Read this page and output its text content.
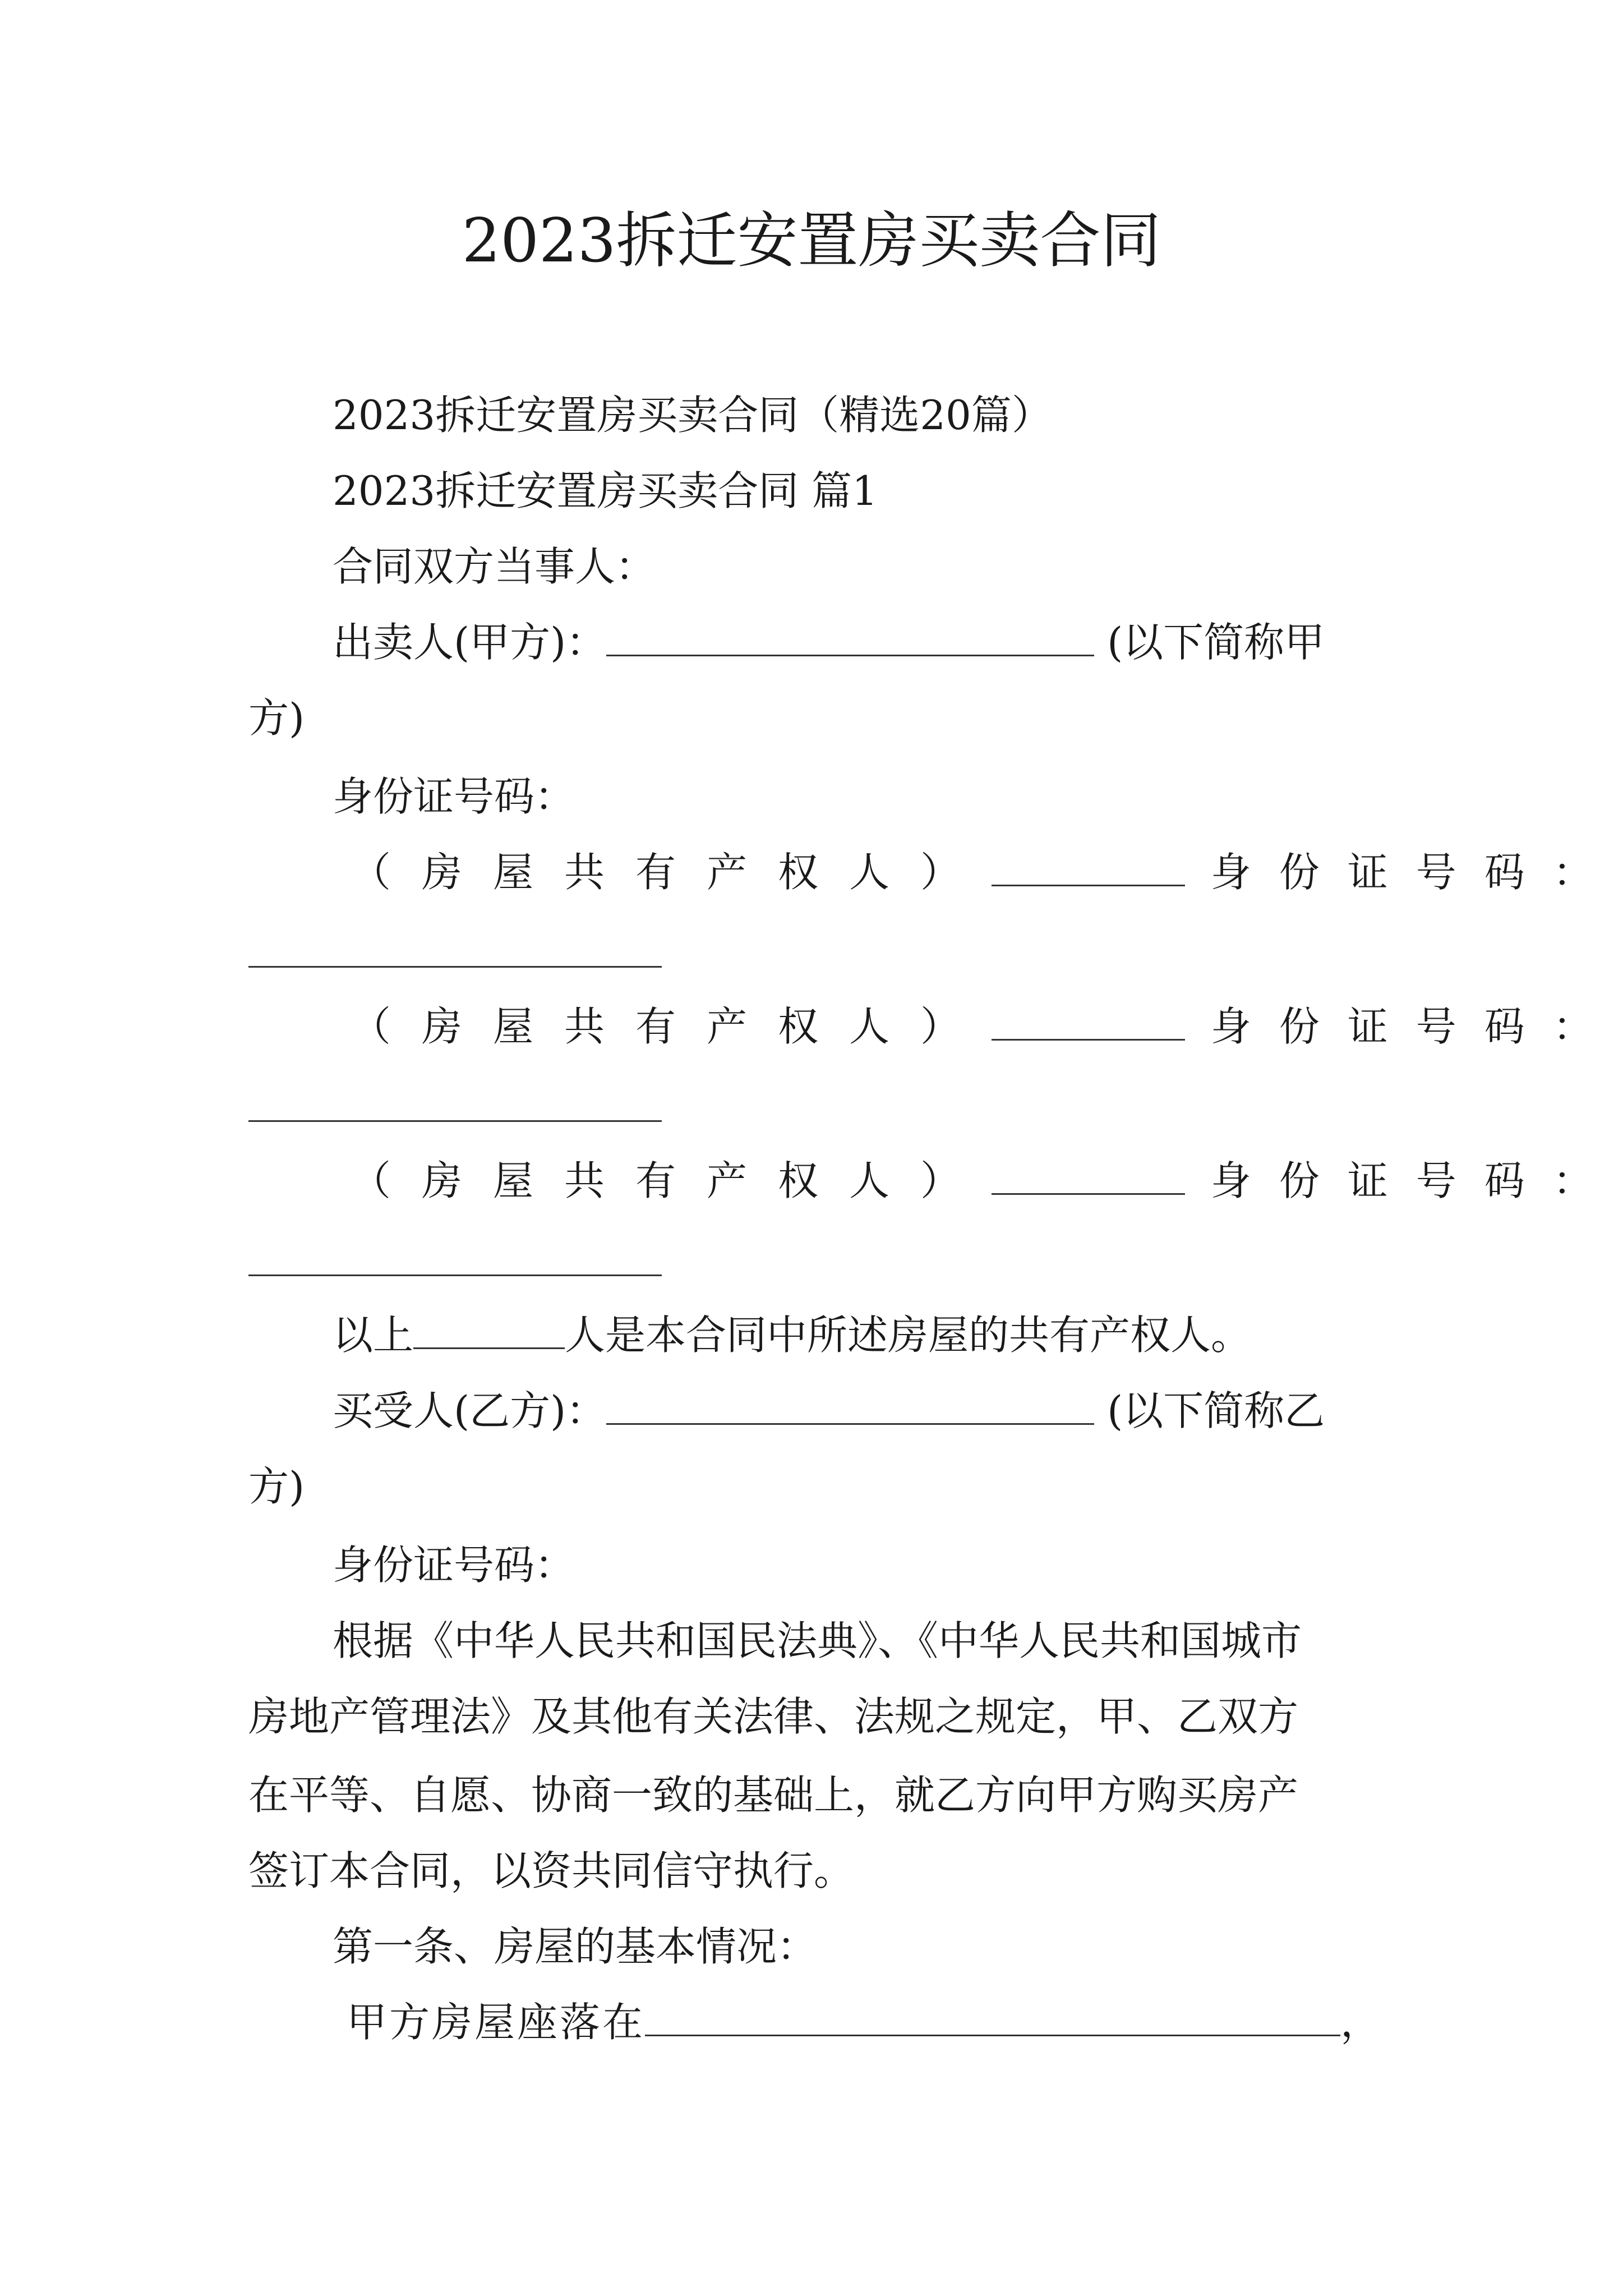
2023拆迁安置房买卖合同
2023拆迁安置房买卖合同（精选20篇）
2023拆迁安置房买卖合同 篇1
合同双方当事人：
出卖人(甲方)：	(以下简称甲
方)
身份证号码：
（房屋共有产权人）	身份证号码：
（房屋共有产权人）	身份证号码：
（房屋共有产权人）	身份证号码：
以上	人是本合同中所述房屋的共有产权人。
买受人(乙方)：	(以下简称乙
方)
身份证号码：
根据《中华人民共和国民法典》、《中华人民共和国城市
房地产管理法》及其他有关法律、法规之规定，甲、乙双方
在平等、自愿、协商一致的基础上，就乙方向甲方购买房产
签订本合同，以资共同信守执行。
第一条、房屋的基本情况：
甲方房屋座落在	，
